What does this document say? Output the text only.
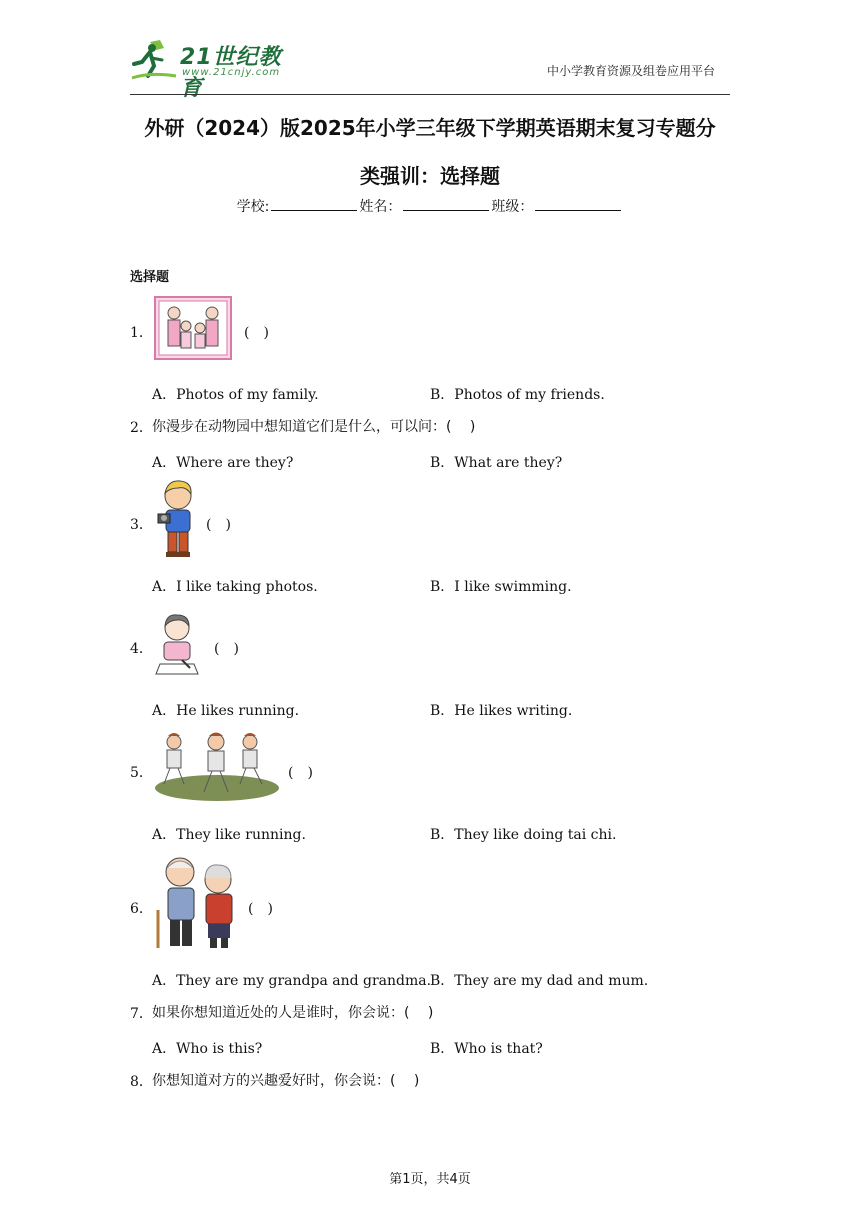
21世纪教育
www.21cnjy.com	中小学教育资源及组卷应用平台
外研（2024）版2025年小学三年级下学期英语期末复习专题分
类强训：选择题
学校:	姓名：	班级：
选择题
1．	(　)
A．Photos of my family.	B．Photos of my friends.
2． 你漫步在动物园中想知道它们是什么，可以问：( 　)
A．Where are they?	B．What are they?
3．	(　)
A．I like taking photos.	B．I like swimming.
4．	(　)
A．He likes running.	B．He likes writing.
5．	(　)
A．They like running.	B．They like doing tai chi.
6．	(　)
A．They are my grandpa and grandma.
B．They are my dad and mum.
7． 如果你想知道近处的人是谁时，你会说：( 　)
A．Who is this?	B．Who is that?
8． 你想知道对方的兴趣爱好时，你会说：( 　)
第1页，共4页
